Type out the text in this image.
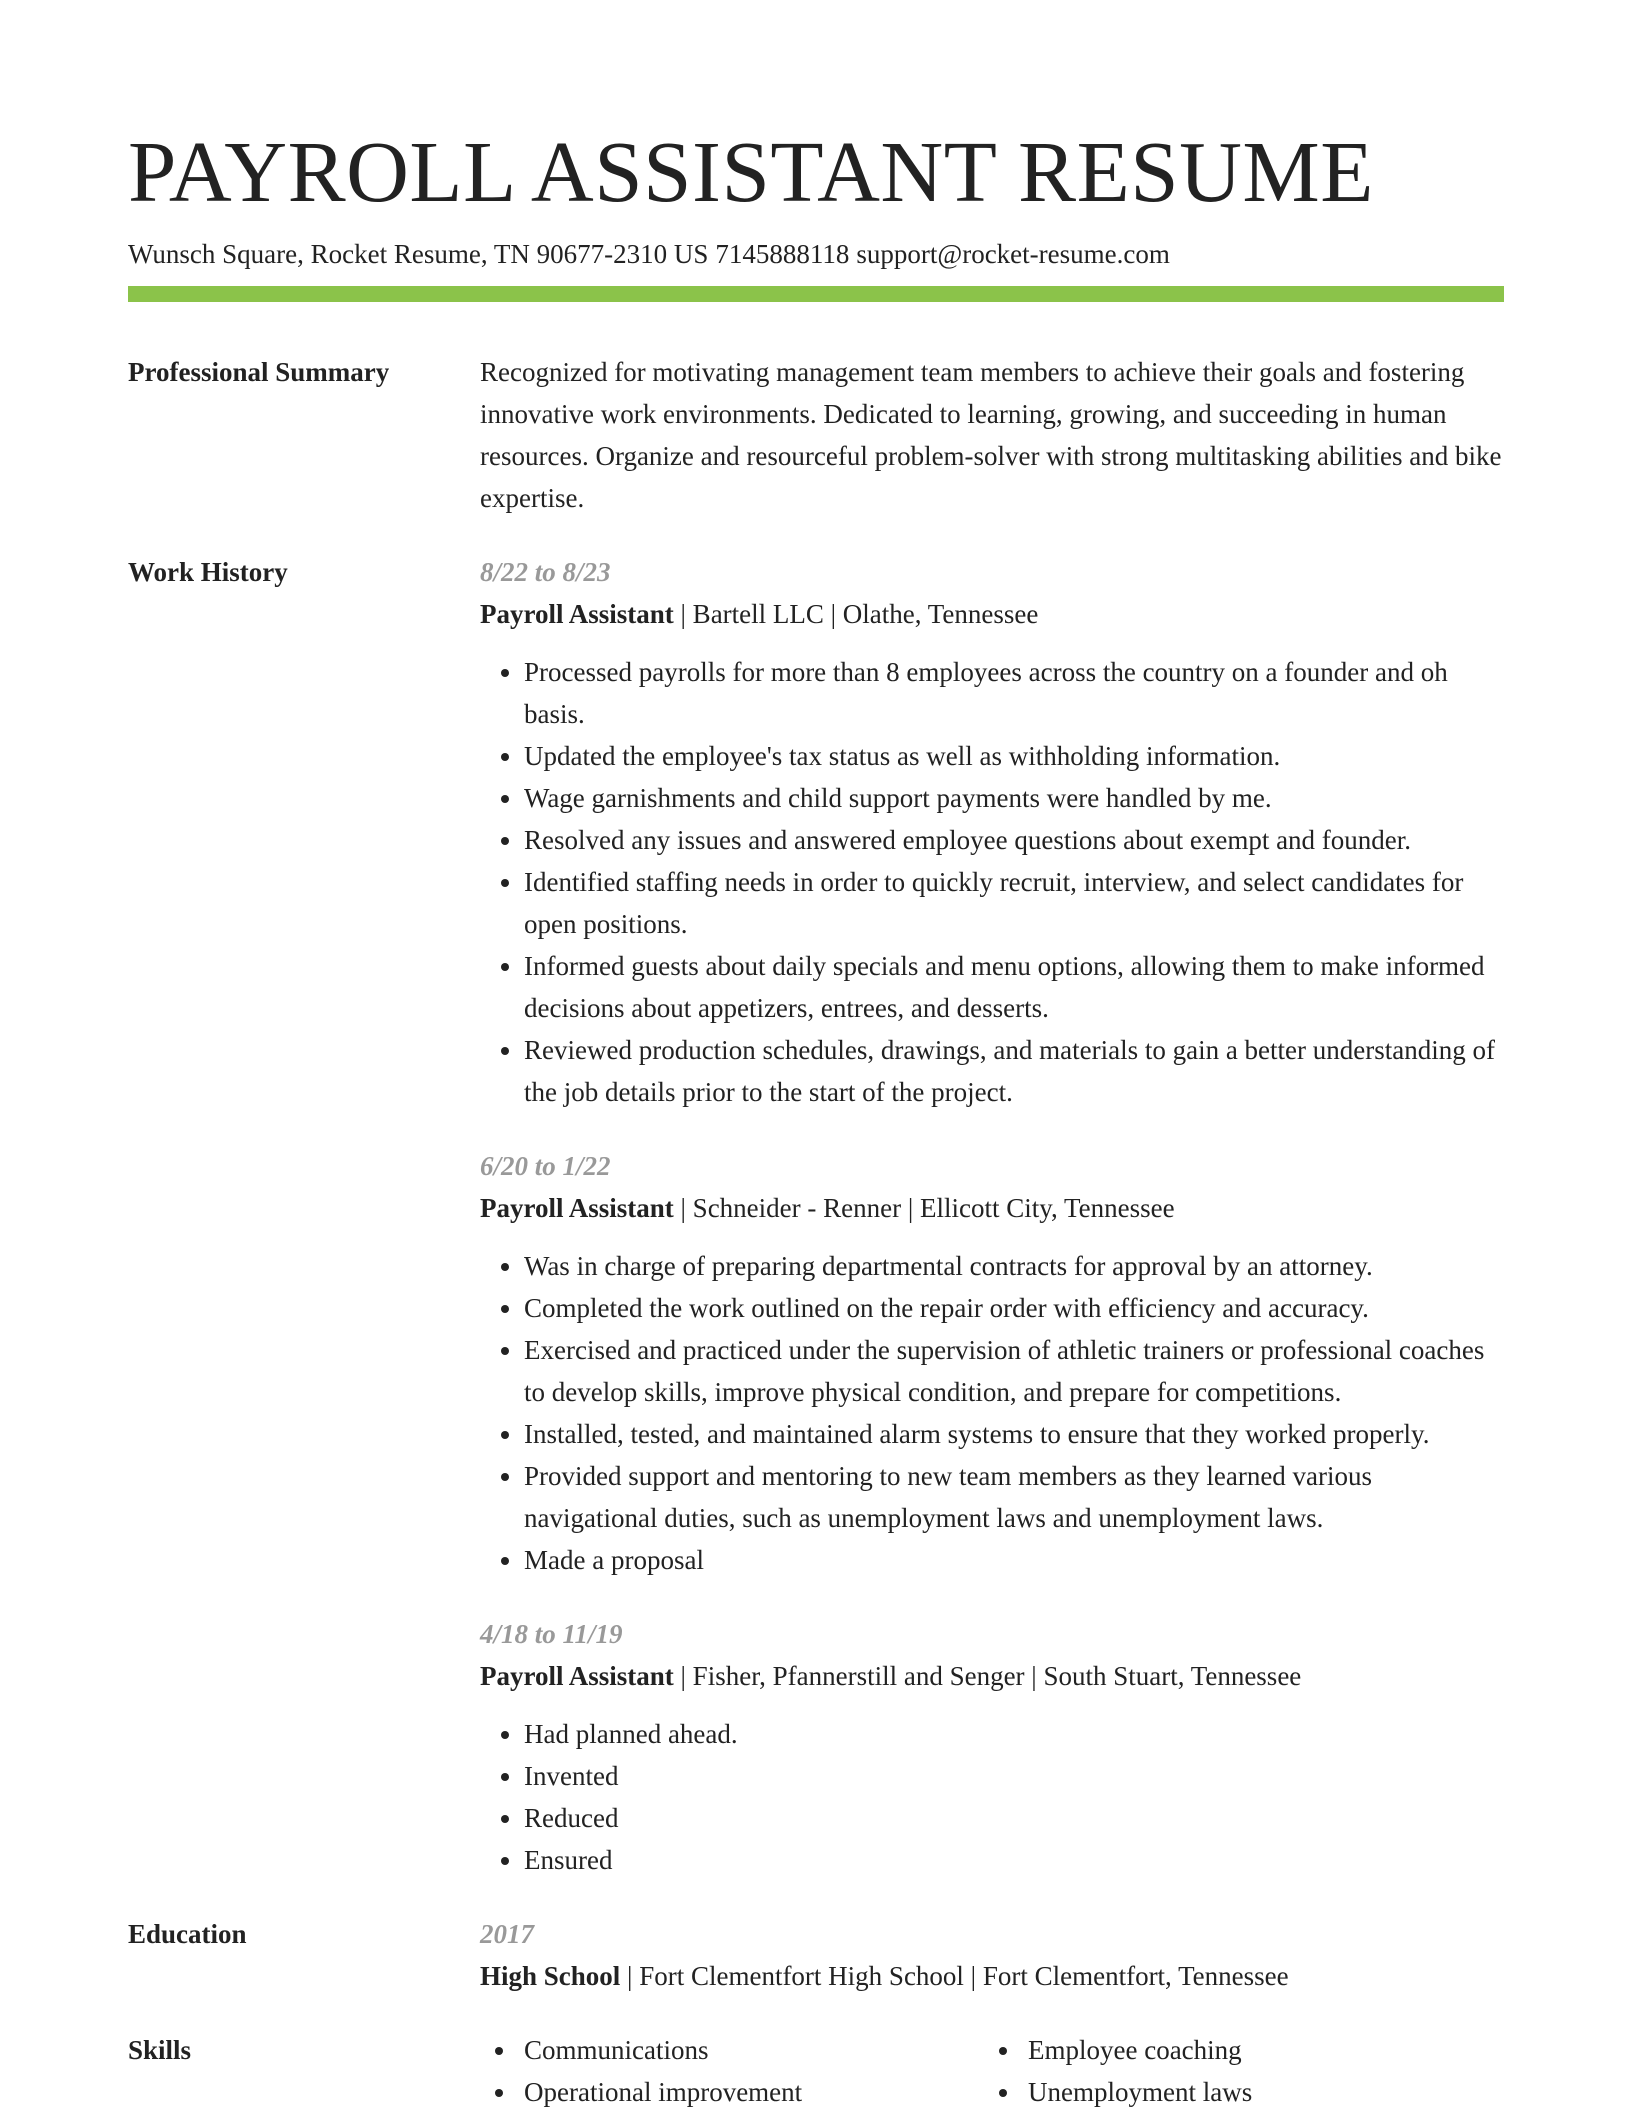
PAYROLL ASSISTANT RESUME
Wunsch Square, Rocket Resume, TN 90677-2310 US 7145888118 support@rocket-resume.com
Professional Summary	Recognized for motivating management team members to achieve their goals and fostering innovative work environments. Dedicated to learning, growing, and succeeding in human resources. Organize and resourceful problem-solver with strong multitasking abilities and bike expertise.
Work History	8/22 to 8/23
Payroll Assistant | Bartell LLC | Olathe, Tennessee
• Processed payrolls for more than 8 employees across the country on a founder and oh basis.
• Updated the employee's tax status as well as withholding information.
• Wage garnishments and child support payments were handled by me.
• Resolved any issues and answered employee questions about exempt and founder.
• Identified staffing needs in order to quickly recruit, interview, and select candidates for open positions.
• Informed guests about daily specials and menu options, allowing them to make informed decisions about appetizers, entrees, and desserts.
• Reviewed production schedules, drawings, and materials to gain a better understanding of the job details prior to the start of the project.
6/20 to 1/22
Payroll Assistant | Schneider - Renner | Ellicott City, Tennessee
• Was in charge of preparing departmental contracts for approval by an attorney.
• Completed the work outlined on the repair order with efficiency and accuracy.
• Exercised and practiced under the supervision of athletic trainers or professional coaches to develop skills, improve physical condition, and prepare for competitions.
• Installed, tested, and maintained alarm systems to ensure that they worked properly.
• Provided support and mentoring to new team members as they learned various navigational duties, such as unemployment laws and unemployment laws.
• Made a proposal
4/18 to 11/19
Payroll Assistant | Fisher, Pfannerstill and Senger | South Stuart, Tennessee
• Had planned ahead.
• Invented
• Reduced
• Ensured
Education	2017
High School | Fort Clementfort High School | Fort Clementfort, Tennessee
Skills	Communications	Employee coaching
Operational improvement	Unemployment laws
